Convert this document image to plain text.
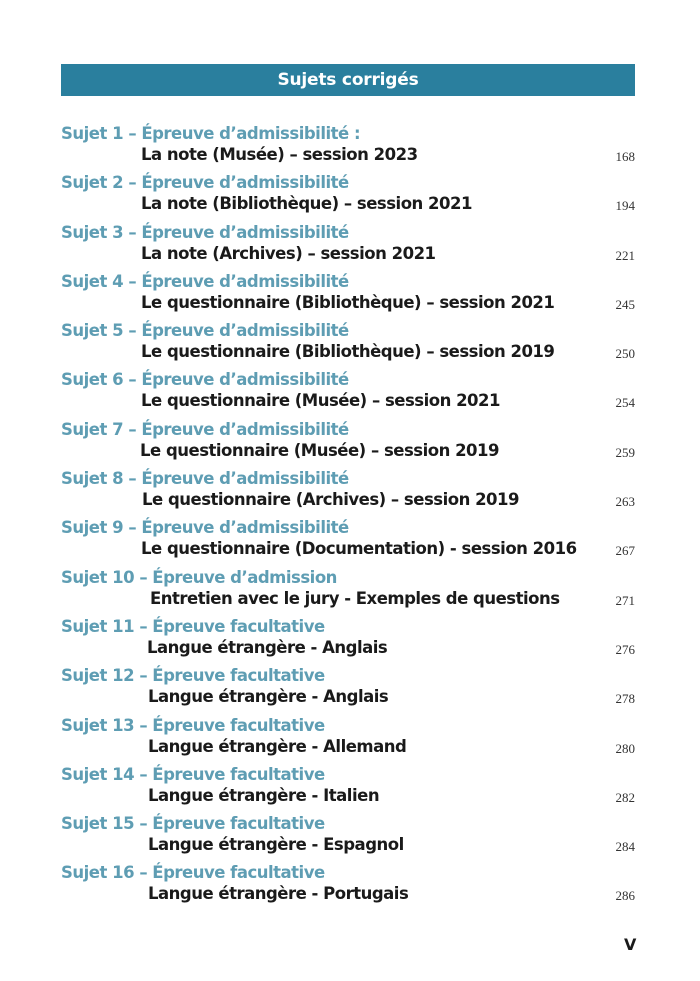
Sujets corrigés
Sujet 1 – Épreuve d’admissibilité :
La note (Musée) – session 2023	168
Sujet 2 – Épreuve d’admissibilité
La note (Bibliothèque) – session 2021	194
Sujet 3 – Épreuve d’admissibilité
La note (Archives) – session 2021	221
Sujet 4 – Épreuve d’admissibilité
Le questionnaire (Bibliothèque) – session 2021	245
Sujet 5 – Épreuve d’admissibilité
Le questionnaire (Bibliothèque) – session 2019	250
Sujet 6 – Épreuve d’admissibilité
Le questionnaire (Musée) – session 2021	254
Sujet 7 – Épreuve d’admissibilité
Le questionnaire (Musée) – session 2019	259
Sujet 8 – Épreuve d’admissibilité
Le questionnaire (Archives) – session 2019	263
Sujet 9 – Épreuve d’admissibilité
Le questionnaire (Documentation) - session 2016	267
Sujet 10 – Épreuve d’admission
Entretien avec le jury - Exemples de questions	271
Sujet 11 – Épreuve facultative
Langue étrangère - Anglais	276
Sujet 12 – Épreuve facultative
Langue étrangère - Anglais	278
Sujet 13 – Épreuve facultative
Langue étrangère - Allemand	280
Sujet 14 – Épreuve facultative
Langue étrangère - Italien	282
Sujet 15 – Épreuve facultative
Langue étrangère - Espagnol	284
Sujet 16 – Épreuve facultative
Langue étrangère - Portugais	286
V
